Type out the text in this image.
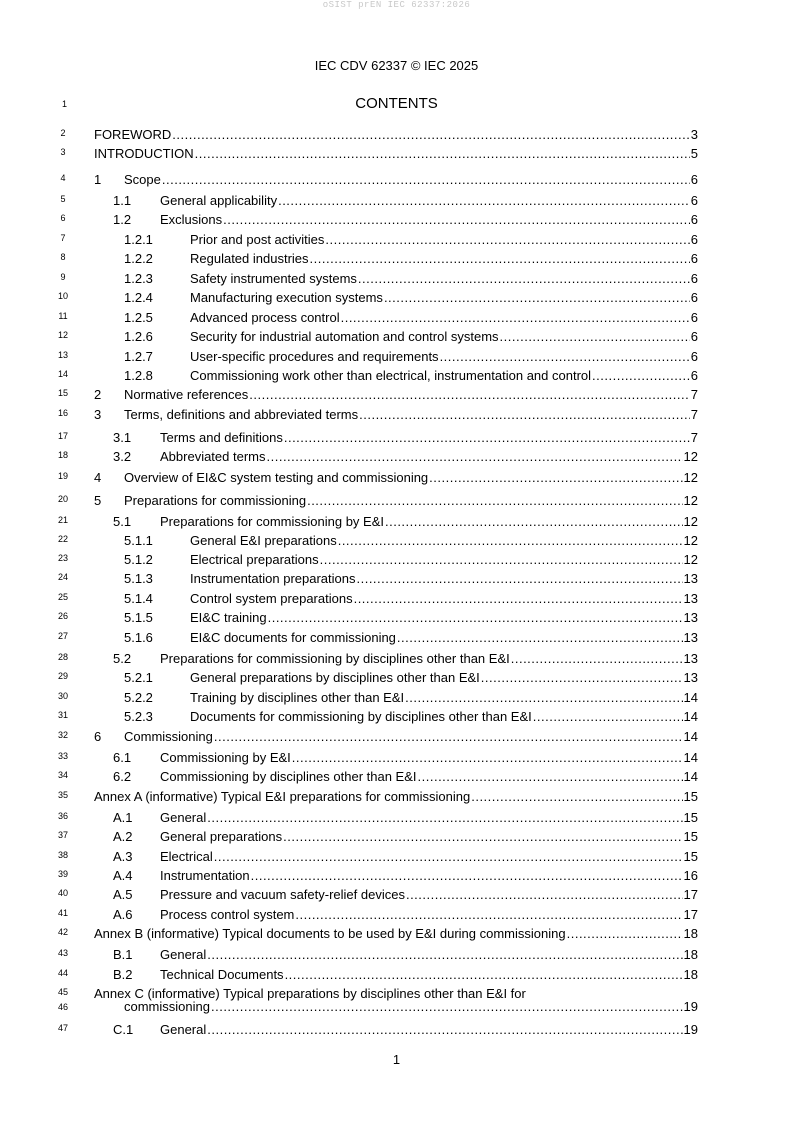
oSIST prEN IEC 62337:2026
IEC CDV 62337 © IEC 2025
1	CONTENTS
2	FOREWORD .....	3
3	INTRODUCTION .....	5
4	1	Scope .....	6
5	1.1	General applicability .....	6
6	1.2	Exclusions .....	6
7	1.2.1	Prior and post activities .....	6
8	1.2.2	Regulated industries .....	6
9	1.2.3	Safety instrumented systems .....	6
10	1.2.4	Manufacturing execution systems .....	6
11	1.2.5	Advanced process control .....	6
12	1.2.6	Security for industrial automation and control systems .....	6
13	1.2.7	User-specific procedures and requirements .....	6
14	1.2.8	Commissioning work other than electrical, instrumentation and control .....	6
15 2	Normative references .....	7
16 3	Terms, definitions and abbreviated terms .....	7
17	3.1	Terms and definitions .....	7
18	3.2	Abbreviated terms .....	12
19 4	Overview of EI&C system testing and commissioning .....	12
20 5	Preparations for commissioning .....	12
21	5.1	Preparations for commissioning by E&I .....	12
22	5.1.1	General E&I preparations .....	12
23	5.1.2	Electrical preparations .....	12
24	5.1.3	Instrumentation preparations .....	13
25	5.1.4	Control system preparations .....	13
26	5.1.5	EI&C training .....	13
27	5.1.6	EI&C documents for commissioning .....	13
28	5.2	Preparations for commissioning by disciplines other than E&I .....	13
29	5.2.1	General preparations by disciplines other than E&I .....	13
30	5.2.2	Training by disciplines other than E&I .....	14
31	5.2.3	Documents for commissioning by disciplines other than E&I .....	14
32 6	Commissioning .....	14
33	6.1	Commissioning by E&I .....	14
34	6.2	Commissioning by disciplines other than E&I .....	14
35 Annex A (informative) Typical E&I preparations for commissioning .....	15
36	A.1	General .....	15
37	A.2	General preparations .....	15
38	A.3	Electrical .....	15
39	A.4	Instrumentation .....	16
40	A.5	Pressure and vacuum safety-relief devices .....	17
41	A.6	Process control system .....	17
42 Annex B (informative) Typical documents to be used by E&I during commissioning .....	18
43	B.1	General .....	18
44	B.2	Technical Documents .....	18
45
46
Annex C (informative) Typical preparations by disciplines other than E&I for
commissioning .....	19
47	C.1	General .....	19
1
